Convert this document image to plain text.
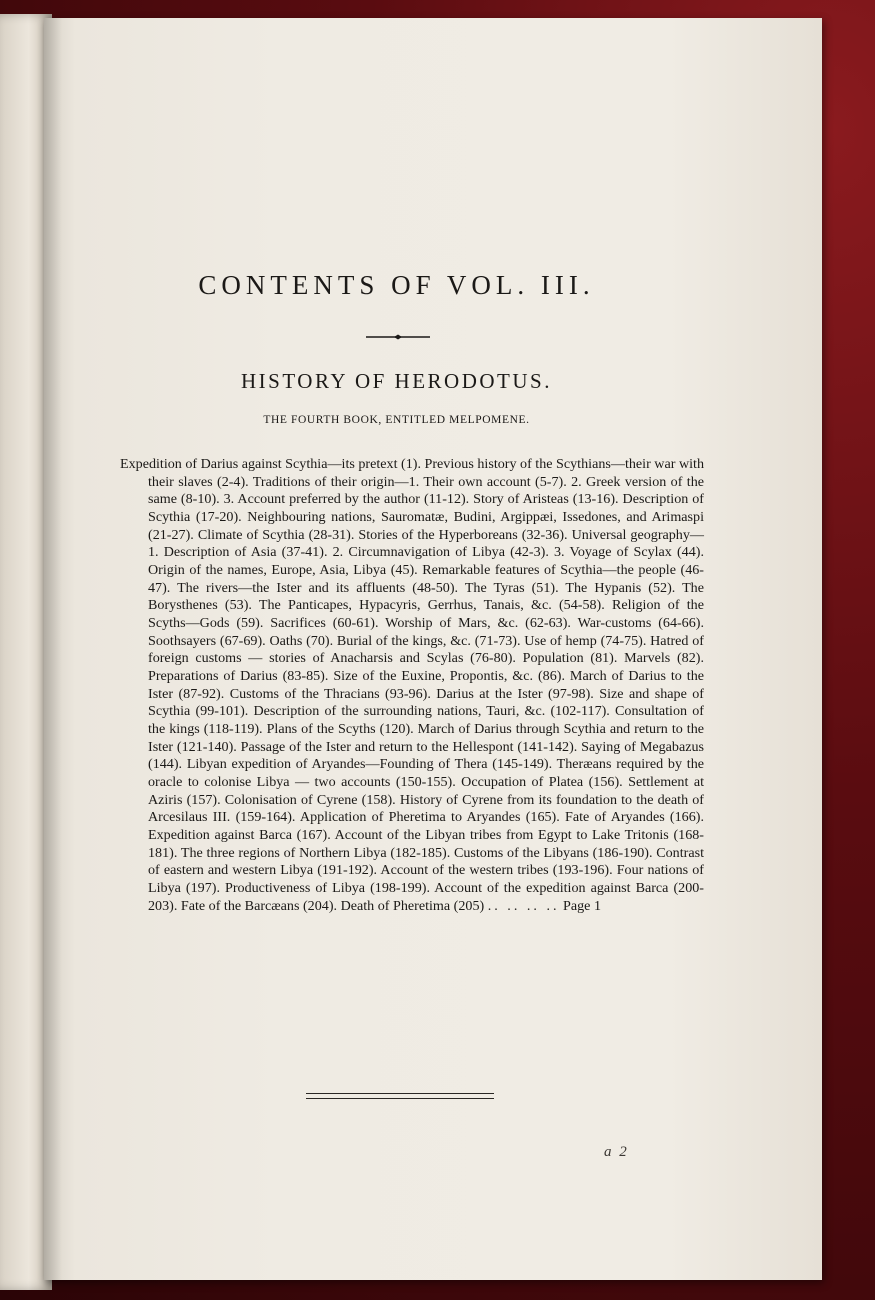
CONTENTS OF VOL. III.
HISTORY OF HERODOTUS.
THE FOURTH BOOK, ENTITLED MELPOMENE.

Expedition of Darius against Scythia—its pretext (1). Previous history of the Scythians—their war with their slaves (2-4). Traditions of their origin—1. Their own account (5-7). 2. Greek version of the same (8-10). 3. Account preferred by the author (11-12). Story of Aristeas (13-16). Description of Scythia (17-20). Neighbouring nations, Sauromatæ, Budini, Argippæi, Issedones, and Arimaspi (21-27). Climate of Scythia (28-31). Stories of the Hyperboreans (32-36). Universal geography—1. Description of Asia (37-41). 2. Circumnavigation of Libya (42-3). 3. Voyage of Scylax (44). Origin of the names, Europe, Asia, Libya (45). Remarkable features of Scythia—the people (46-47). The rivers—the Ister and its affluents (48-50). The Tyras (51). The Hypanis (52). The Borysthenes (53). The Panticapes, Hypacyris, Gerrhus, Tanais, &c. (54-58). Religion of the Scyths—Gods (59). Sacrifices (60-61). Worship of Mars, &c. (62-63). War-customs (64-66). Soothsayers (67-69). Oaths (70). Burial of the kings, &c. (71-73). Use of hemp (74-75). Hatred of foreign customs — stories of Anacharsis and Scylas (76-80). Population (81). Marvels (82). Preparations of Darius (83-85). Size of the Euxine, Propontis, &c. (86). March of Darius to the Ister (87-92). Customs of the Thracians (93-96). Darius at the Ister (97-98). Size and shape of Scythia (99-101). Description of the surrounding nations, Tauri, &c. (102-117). Consultation of the kings (118-119). Plans of the Scyths (120). March of Darius through Scythia and return to the Ister (121-140). Passage of the Ister and return to the Hellespont (141-142). Saying of Megabazus (144). Libyan expedition of Aryandes—Founding of Thera (145-149). Theræans required by the oracle to colonise Libya — two accounts (150-155). Occupation of Platea (156). Settlement at Aziris (157). Colonisation of Cyrene (158). History of Cyrene from its foundation to the death of Arcesilaus III. (159-164). Application of Pheretima to Aryandes (165). Fate of Aryandes (166). Expedition against Barca (167). Account of the Libyan tribes from Egypt to Lake Tritonis (168-181). The three regions of Northern Libya (182-185). Customs of the Libyans (186-190). Contrast of eastern and western Libya (191-192). Account of the western tribes (193-196). Four nations of Libya (197). Productiveness of Libya (198-199). Account of the expedition against Barca (200-203). Fate of the Barcæans (204). Death of Pheretima (205) .. .. .. .. Page 1

a 2
